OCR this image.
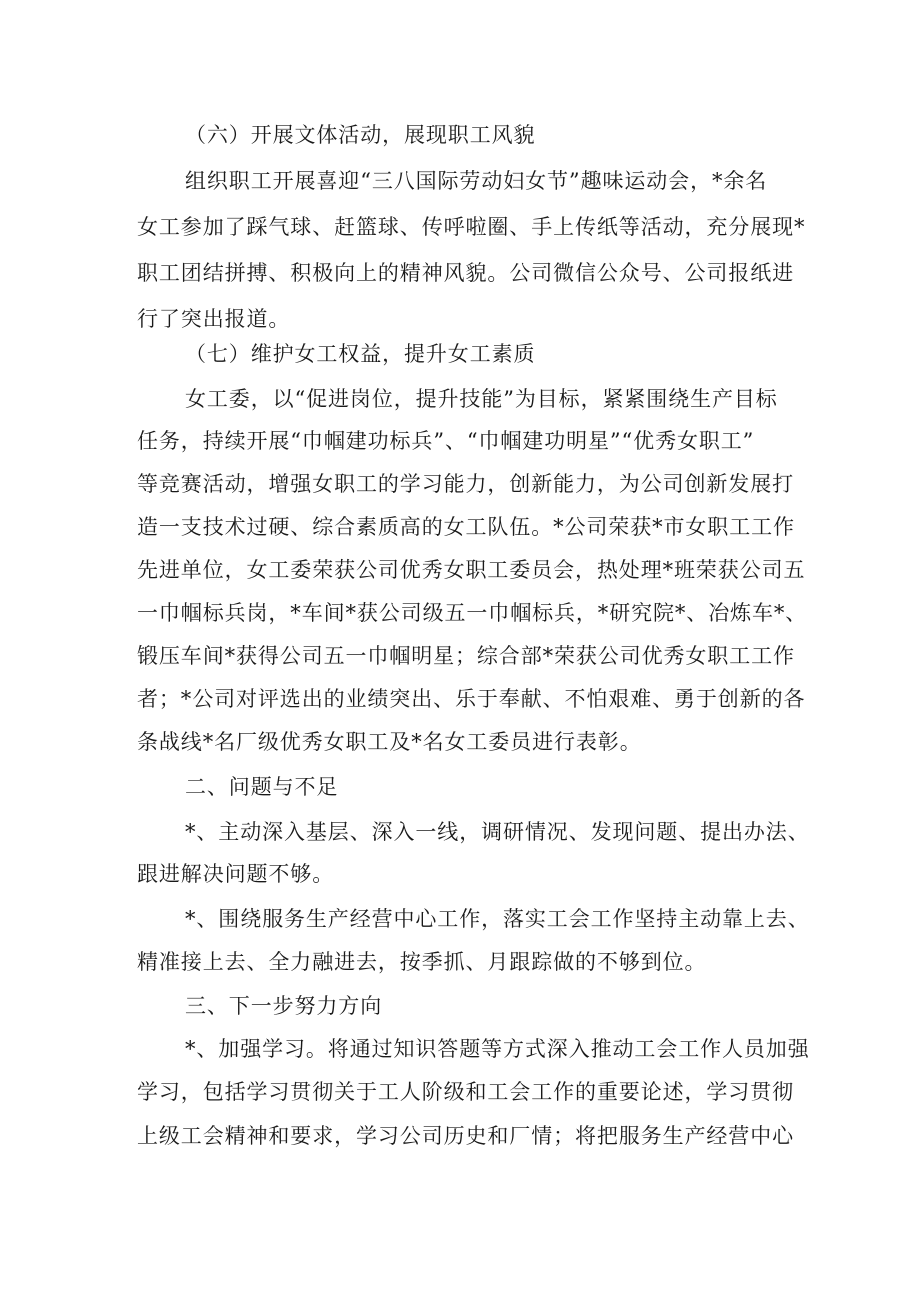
（六）开展文体活动，展现职工风貌
组织职工开展喜迎“三八国际劳动妇女节”趣味运动会，*余名
女工参加了踩气球、赶篮球、传呼啦圈、手上传纸等活动，充分展现*
职工团结拼搏、积极向上的精神风貌。公司微信公众号、公司报纸进
行了突出报道。
（七）维护女工权益，提升女工素质
女工委，以“促进岗位，提升技能”为目标，紧紧围绕生产目标
任务，持续开展“巾帼建功标兵”、“巾帼建功明星”“优秀女职工”
等竞赛活动，增强女职工的学习能力，创新能力，为公司创新发展打
造一支技术过硬、综合素质高的女工队伍。*公司荣获*市女职工工作
先进单位，女工委荣获公司优秀女职工委员会，热处理*班荣获公司五
一巾帼标兵岗，*车间*获公司级五一巾帼标兵，*研究院*、冶炼车*、
锻压车间*获得公司五一巾帼明星；综合部*荣获公司优秀女职工工作
者；*公司对评选出的业绩突出、乐于奉献、不怕艰难、勇于创新的各
条战线*名厂级优秀女职工及*名女工委员进行表彰。
二、问题与不足
*、主动深入基层、深入一线，调研情况、发现问题、提出办法、
跟进解决问题不够。
*、围绕服务生产经营中心工作，落实工会工作坚持主动靠上去、
精准接上去、全力融进去，按季抓、月跟踪做的不够到位。
三、下一步努力方向
*、加强学习。将通过知识答题等方式深入推动工会工作人员加强
学习，包括学习贯彻关于工人阶级和工会工作的重要论述，学习贯彻
上级工会精神和要求，学习公司历史和厂情；将把服务生产经营中心
